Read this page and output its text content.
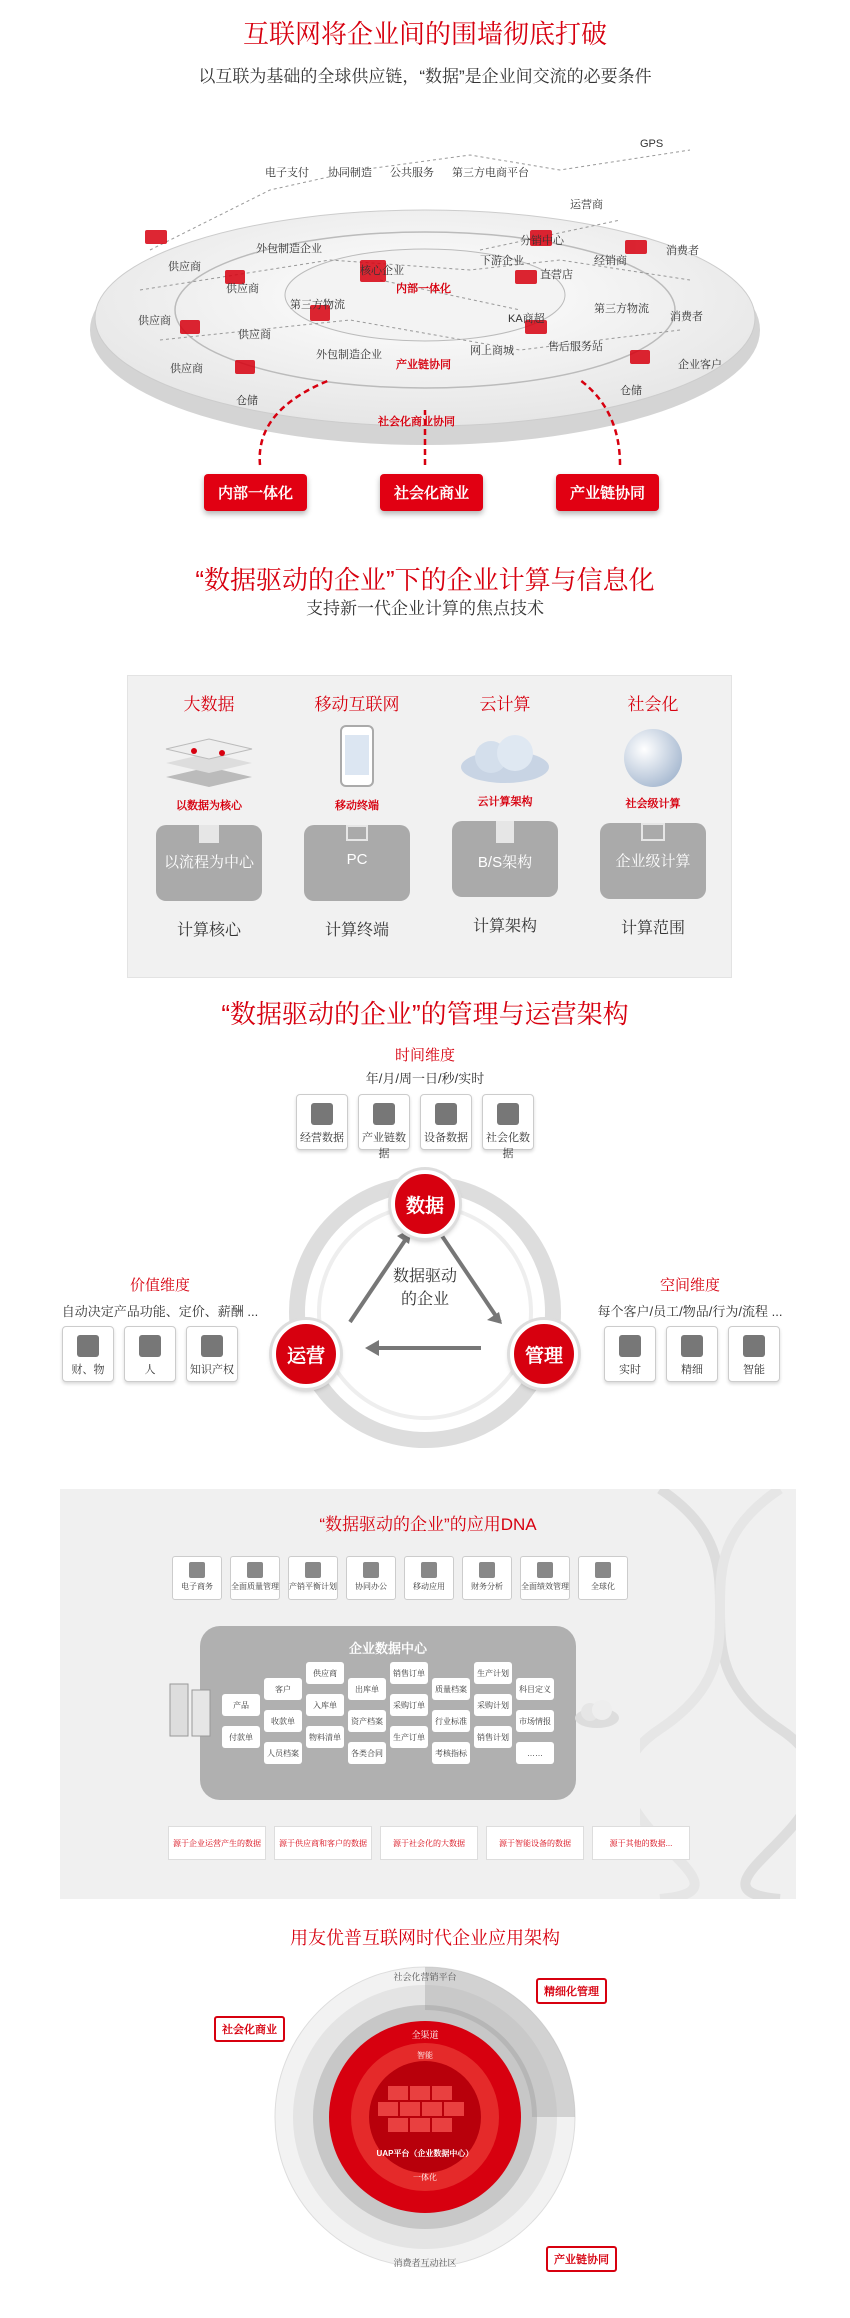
互联网将企业间的围墙彻底打破
以互联为基础的全球供应链，“数据”是企业间交流的必要条件
电子支付 协同制造 公共服务 第三方电商平台
GPS
供应商
供应商
供应商
供应商
供应商
外包制造企业
第三方物流
外包制造企业
核心企业
仓储
分销中心
下游企业
直营店
经销商
运营商
消费者
消费者
KA商超
售后服务站
网上商城
第三方物流
企业客户
仓储
内部一体化
产业链协同
社会化商业协同
内部一体化	社会化商业	产业链协同
“数据驱动的企业”下的企业计算与信息化
支持新一代企业计算的焦点技术
大数据
以数据为核心
以流程为中心
计算核心
移动互联网
移动终端
PC
计算终端
云计算
云计算架构
B/S架构
计算架构
社会化
社会级计算
企业级计算
计算范围
“数据驱动的企业”的管理与运营架构
时间维度
年/月/周一日/秒/实时
经营数据	产业链数据
设备数据	社会化数据
数据驱动
的企业
数据
运营	管理
价值维度
自动决定产品功能、定价、薪酬 ...
财、物	人	知识产权
空间维度
每个客户/员工/物品/行为/流程 ...
实时	精细	智能
“数据驱动的企业”的应用DNA
电子商务	全面质量管理 产销平衡计划	协同办公	移动应用	财务分析	全面绩效管理	全球化
企业数据中心
供应商	销售订单	生产计划
客户	出库单
采购订单
科目定义
产品	入库单
资产档案
质量档案
采购计划
收款单
物料清单	生产订单
行业标准	市场情报
付款单
人员档案	各类合同	考核指标
销售计划
……
源于企业运营产生的数据	源于供应商和客户的数据	源于社会化的大数据	源于智能设备的数据	源于其他的数据...
用友优普互联网时代企业应用架构
社会化营销平台
消费者互动社区
全渠道
智能
一体化
UAP平台（企业数据中心）
社会化商业
精细化管理
产业链协同
